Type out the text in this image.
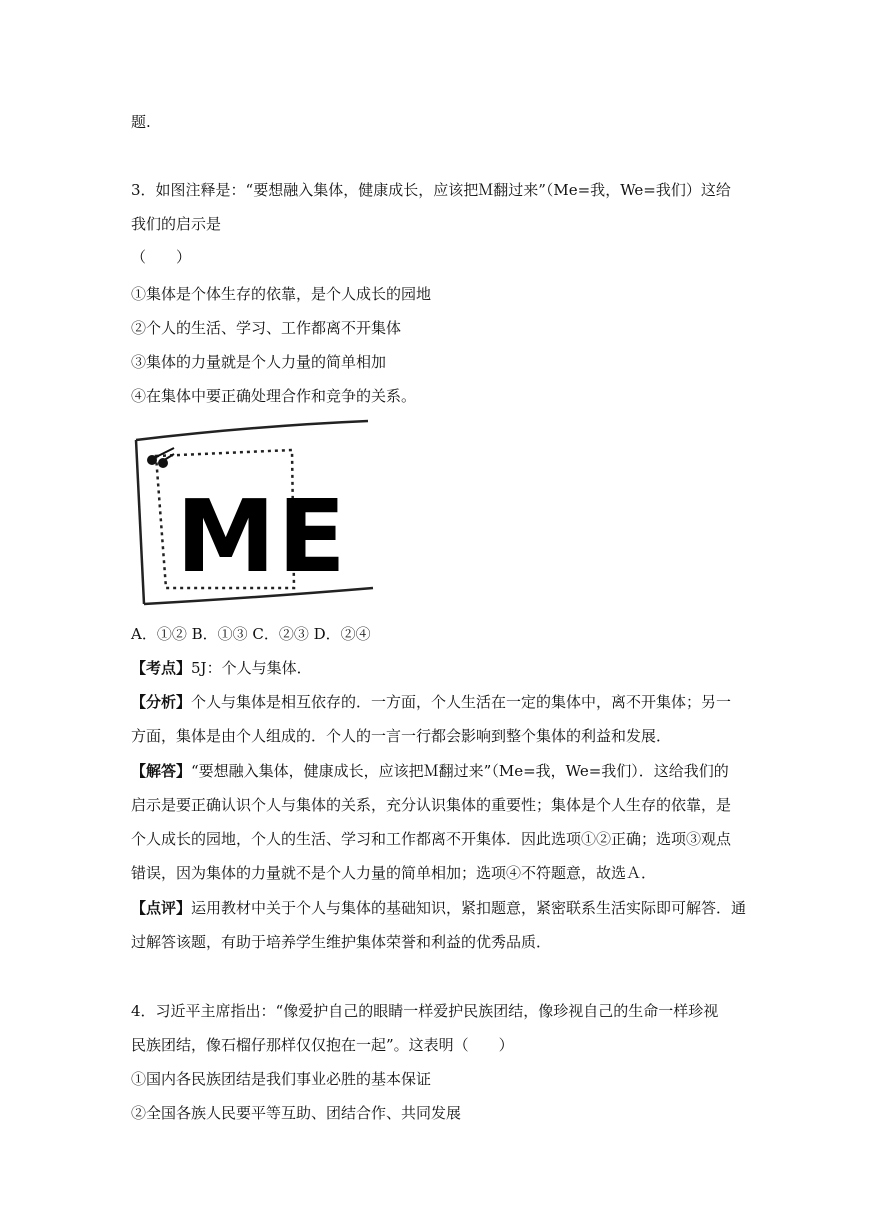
题.
3．如图注释是：“要想融入集体，健康成长，应该把Ｍ翻过来”（Me=我，We=我们）这给
我们的启示是
（　　）
①集体是个体生存的依靠，是个人成长的园地
②个人的生活、学习、工作都离不开集体
③集体的力量就是个人力量的简单相加
④在集体中要正确处理合作和竞争的关系。
ME
A．①② B．①③ C．②③ D．②④
【考点】5J：个人与集体．
【分析】个人与集体是相互依存的．一方面，个人生活在一定的集体中，离不开集体；另一
方面，集体是由个人组成的．个人的一言一行都会影响到整个集体的利益和发展．
【解答】“要想融入集体，健康成长，应该把Ｍ翻过来”（Me=我，We=我们）．这给我们的
启示是要正确认识个人与集体的关系，充分认识集体的重要性；集体是个人生存的依靠，是
个人成长的园地，个人的生活、学习和工作都离不开集体．因此选项①②正确；选项③观点
错误，因为集体的力量就不是个人力量的简单相加；选项④不符题意，故选Ａ．
【点评】运用教材中关于个人与集体的基础知识，紧扣题意，紧密联系生活实际即可解答．通
过解答该题，有助于培养学生维护集体荣誉和利益的优秀品质．
4．习近平主席指出：“像爱护自己的眼睛一样爱护民族团结，像珍视自己的生命一样珍视
民族团结，像石榴仔那样仅仅抱在一起”。这表明（　　）
①国内各民族团结是我们事业必胜的基本保证
②全国各族人民要平等互助、团结合作、共同发展
